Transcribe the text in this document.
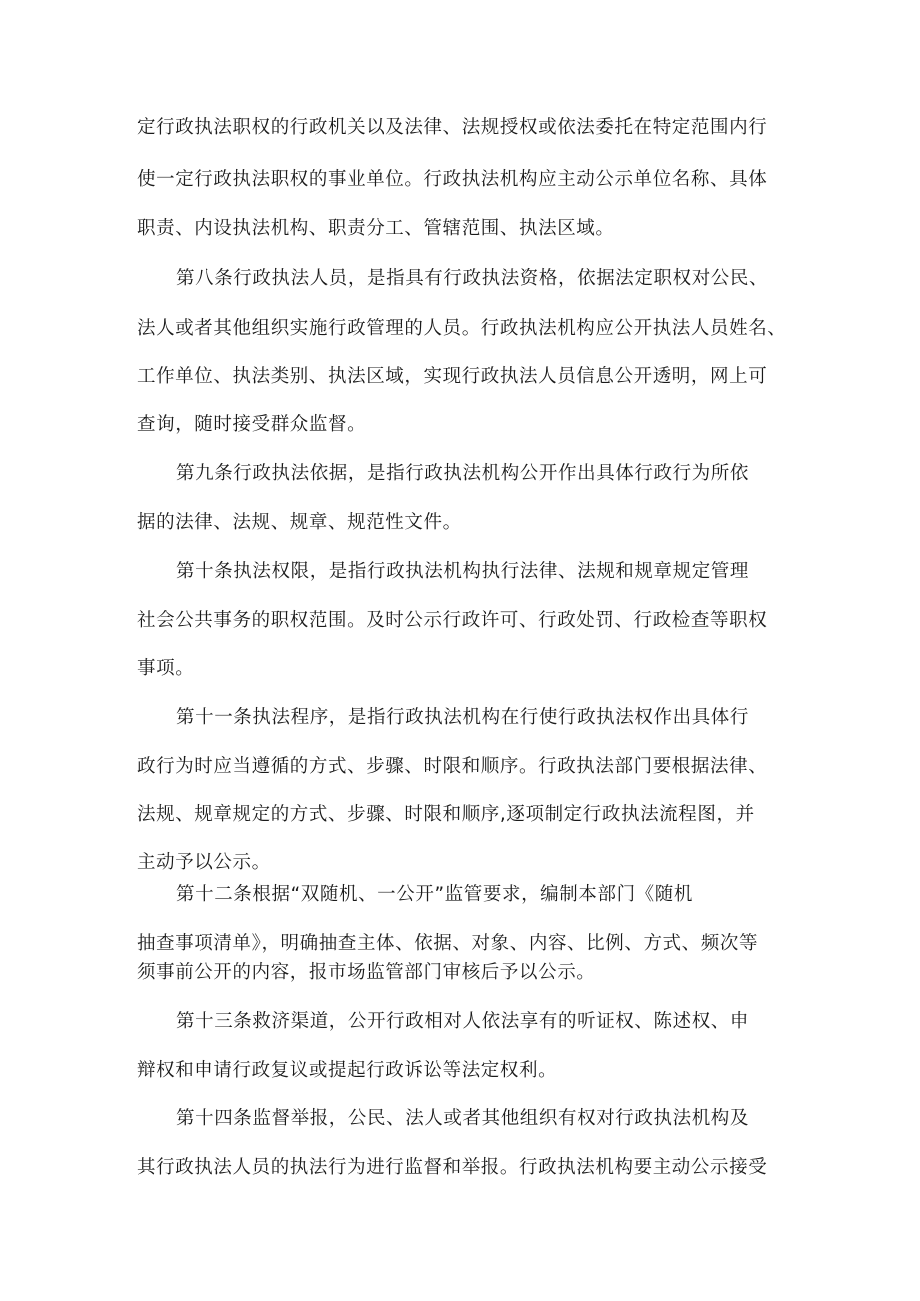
定行政执法职权的行政机关以及法律、法规授权或依法委托在特定范围内行

使一定行政执法职权的事业单位。行政执法机构应主动公示单位名称、具体

职责、内设执法机构、职责分工、管辖范围、执法区域。

第八条行政执法人员，是指具有行政执法资格，依据法定职权对公民、

法人或者其他组织实施行政管理的人员。行政执法机构应公开执法人员姓名、

工作单位、执法类别、执法区域，实现行政执法人员信息公开透明，网上可

查询，随时接受群众监督。

第九条行政执法依据，是指行政执法机构公开作出具体行政行为所依

据的法律、法规、规章、规范性文件。

第十条执法权限，是指行政执法机构执行法律、法规和规章规定管理

社会公共事务的职权范围。及时公示行政许可、行政处罚、行政检查等职权

事项。

第十一条执法程序，是指行政执法机构在行使行政执法权作出具体行

政行为时应当遵循的方式、步骤、时限和顺序。行政执法部门要根据法律、

法规、规章规定的方式、步骤、时限和顺序,逐项制定行政执法流程图，并

主动予以公示。

第十二条根据“双随机、一公开”监管要求，编制本部门《随机

抽查事项清单》，明确抽查主体、依据、对象、内容、比例、方式、频次等

须事前公开的内容，报市场监管部门审核后予以公示。

第十三条救济渠道，公开行政相对人依法享有的听证权、陈述权、申

辩权和申请行政复议或提起行政诉讼等法定权利。

第十四条监督举报，公民、法人或者其他组织有权对行政执法机构及

其行政执法人员的执法行为进行监督和举报。行政执法机构要主动公示接受
